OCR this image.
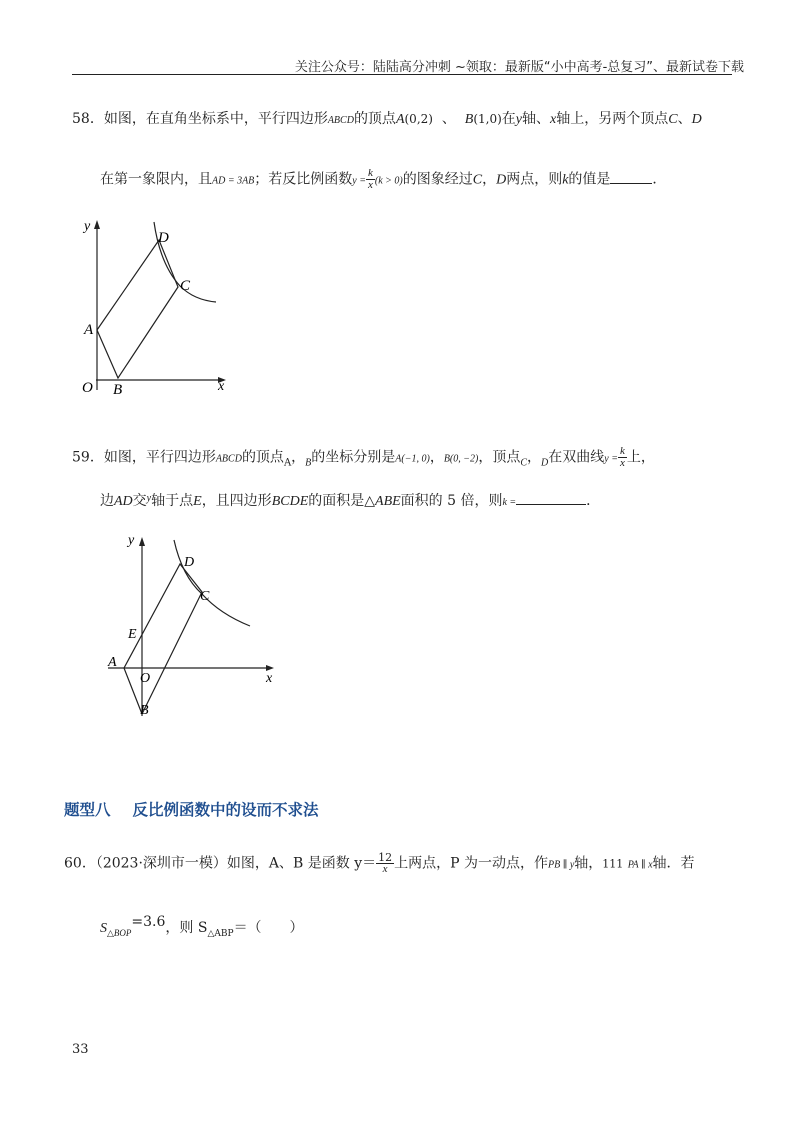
关注公众号：陆陆高分冲刺 ~领取：最新版“小中高考-总复习”、最新试卷下载
58．如图，在直角坐标系中，平行四边形ABCD的顶点A(0,2) 、 B(1,0)在y轴、x轴上，另两个顶点C、D
在第一象限内，且AD = 3AB；若反比例函数$y = \frac{k}{x} (k > 0)$的图象经过C，D两点，则k的值是	．
y
x
O
A
B
C
D
59．如图，平行四边形ABCD的顶点$_A$，$_B$的坐标分别是A(−1, 0)，B(0, −2)，顶点$_C$，$_D$在双曲线$y = \frac{k}{x}$ 上，
边AD交$^y$轴于点E，且四边形BCDE的面积是△ABE面积的 5 倍，则k =	．
y
x
O
A
B
C
D
E
题型八 反比例函数中的设而不求法
60．（2023·深圳市一模）如图，A、B 是函数 $y= \frac{12}{x}$ 上两点，P 为一动点，作PB ∥ y轴，111 PA ∥ x轴．若
$S_{\triangle BOP}=3.6$，则 $S_{\triangle ABP}=$（　　）
33
